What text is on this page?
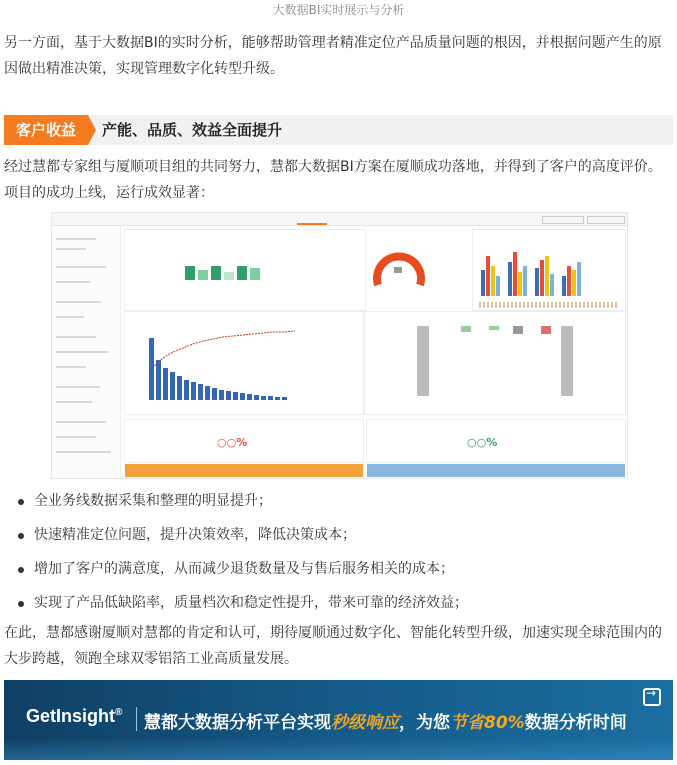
大数据BI实时展示与分析

另一方面，基于大数据BI的实时分析，能够帮助管理者精准定位产品质量问题的根因，并根据问题产生的原因做出精准决策，实现管理数字化转型升级。

客户收益	产能、品质、效益全面提升

经过慧都专家组与厦顺项目组的共同努力，慧都大数据BI方案在厦顺成功落地，并得到了客户的高度评价。项目的成功上线，运行成效显著：

○○%	○○%
全业务线数据采集和整理的明显提升；
快速精准定位问题，提升决策效率，降低决策成本；
增加了客户的满意度，从而减少退货数量及与售后服务相关的成本；
实现了产品低缺陷率，质量档次和稳定性提升，带来可靠的经济效益；

在此，慧都感谢厦顺对慧都的肯定和认可，期待厦顺通过数字化、智能化转型升级，加速实现全球范围内的大步跨越，领跑全球双零铝箔工业高质量发展。

→
GetInsight®
慧都大数据分析平台实现秒级响应，为您节省80%数据分析时间
